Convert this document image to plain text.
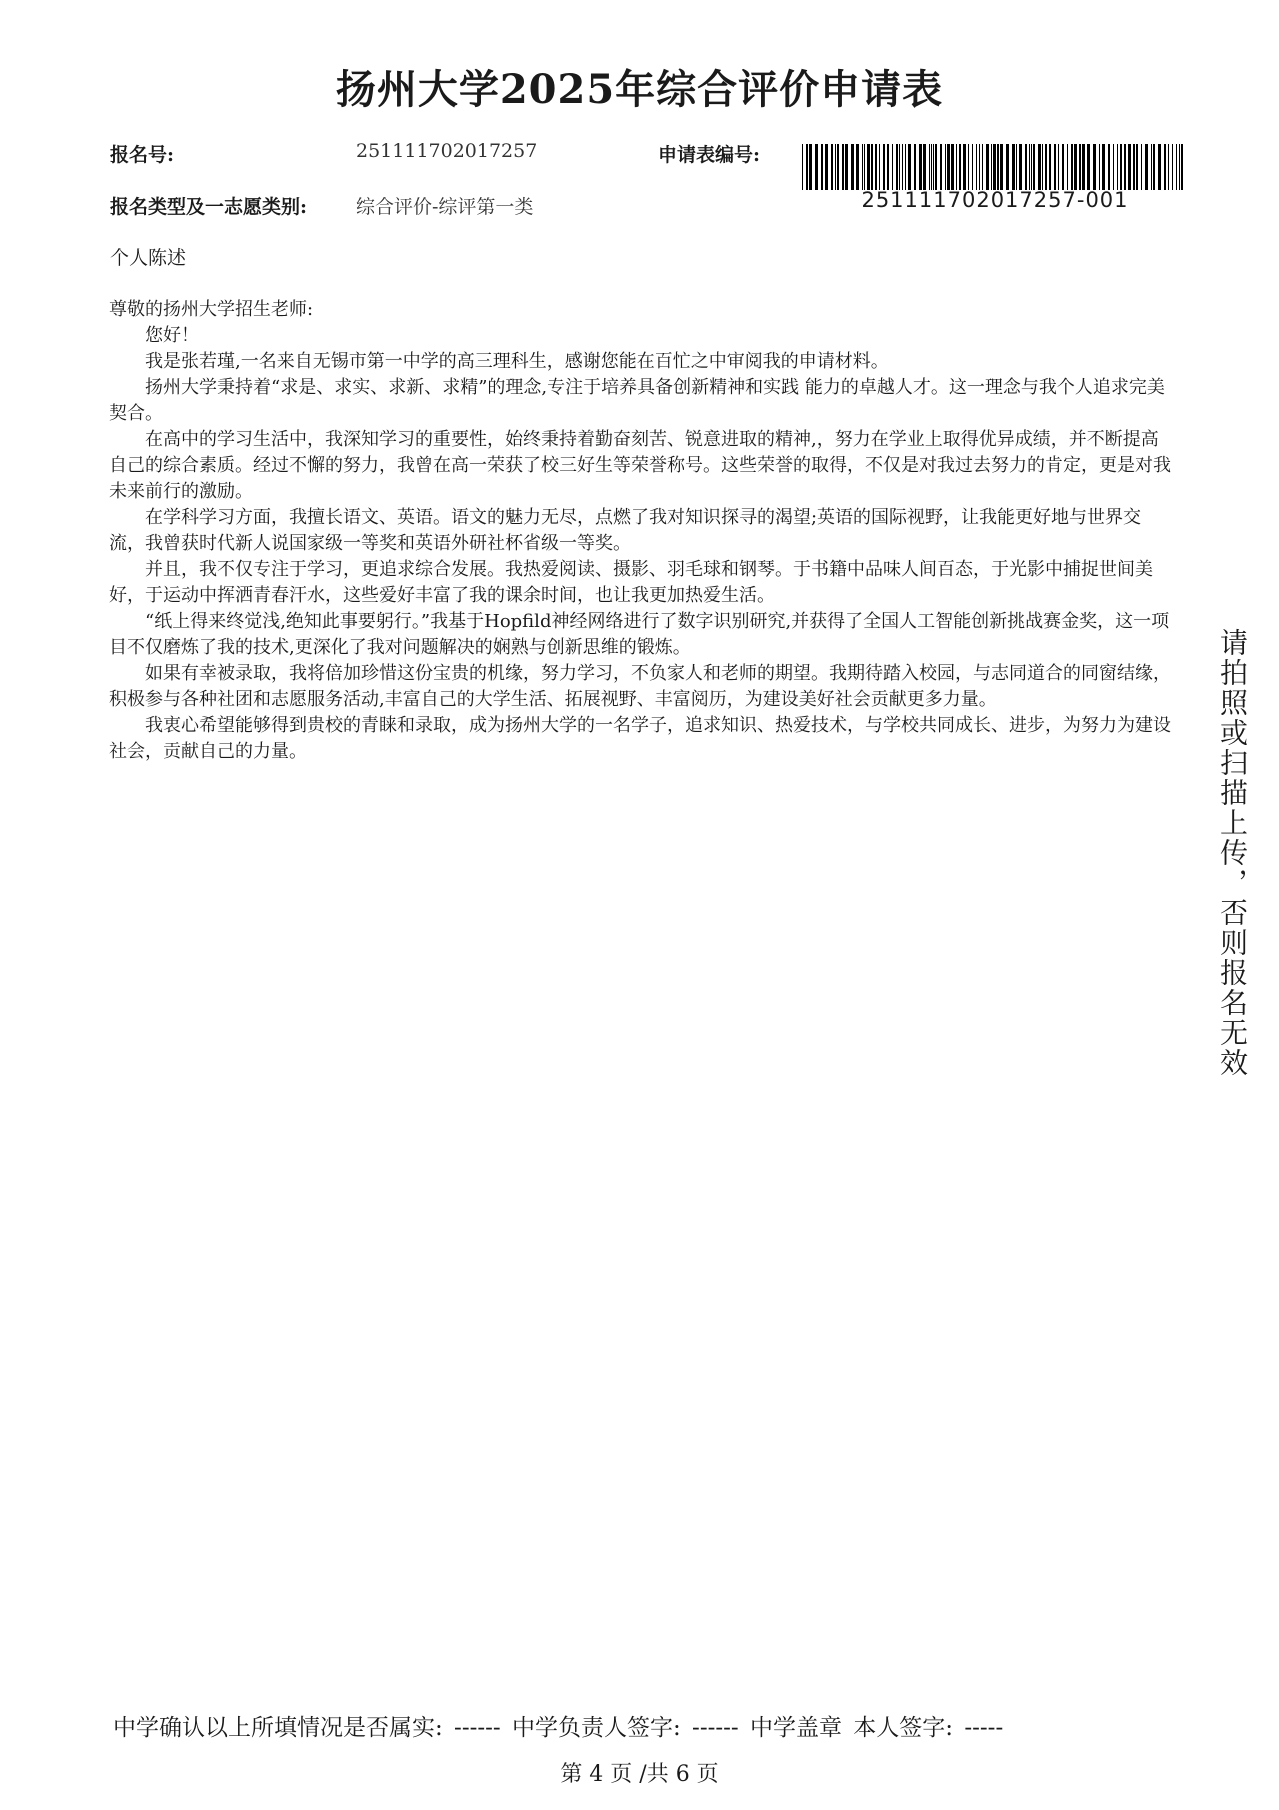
扬州大学2025年综合评价申请表
报名号:	251111702017257	申请表编号:
251111702017257-001
报名类型及一志愿类别:	综合评价-综评第一类
个人陈述

尊敬的扬州大学招生老师:

您好！

我是张若瑾,一名来自无锡市第一中学的高三理科生，感谢您能在百忙之中审阅我的申请材料。

扬州大学秉持着“求是、求实、求新、求精”的理念,专注于培养具备创新精神和实践 能力的卓越人才。这一理念与我个人追求完美契合。

在高中的学习生活中，我深知学习的重要性，始终秉持着勤奋刻苦、锐意进取的精神,，努力在学业上取得优异成绩，并不断提高自己的综合素质。经过不懈的努力，我曾在高一荣获了校三好生等荣誉称号。这些荣誉的取得，不仅是对我过去努力的肯定，更是对我未来前行的激励。

在学科学习方面，我擅长语文、英语。语文的魅力无尽，点燃了我对知识探寻的渴望;英语的国际视野，让我能更好地与世界交流，我曾获时代新人说国家级一等奖和英语外研社杯省级一等奖。

并且，我不仅专注于学习，更追求综合发展。我热爱阅读、摄影、羽毛球和钢琴。于书籍中品味人间百态，于光影中捕捉世间美好，于运动中挥洒青春汗水，这些爱好丰富了我的课余时间，也让我更加热爱生活。

“纸上得来终觉浅,绝知此事要躬行。”我基于Hopfild神经网络进行了数字识别研究,并获得了全国人工智能创新挑战赛金奖，这一项目不仅磨炼了我的技术,更深化了我对问题解决的娴熟与创新思维的锻炼。

如果有幸被录取，我将倍加珍惜这份宝贵的机缘，努力学习，不负家人和老师的期望。我期待踏入校园，与志同道合的同窗结缘，积极参与各种社团和志愿服务活动,丰富自己的大学生活、拓展视野、丰富阅历，为建设美好社会贡献更多力量。

我衷心希望能够得到贵校的青睐和录取，成为扬州大学的一名学子，追求知识、热爱技术，与学校共同成长、进步，为努力为建设社会，贡献自己的力量。	请拍照或扫描上传，否则报名无效
中学确认以上所填情况是否属实: ------ 中学负责人签字: ------ 中学盖章 本人签字: -----
第 4 页 /共 6 页
